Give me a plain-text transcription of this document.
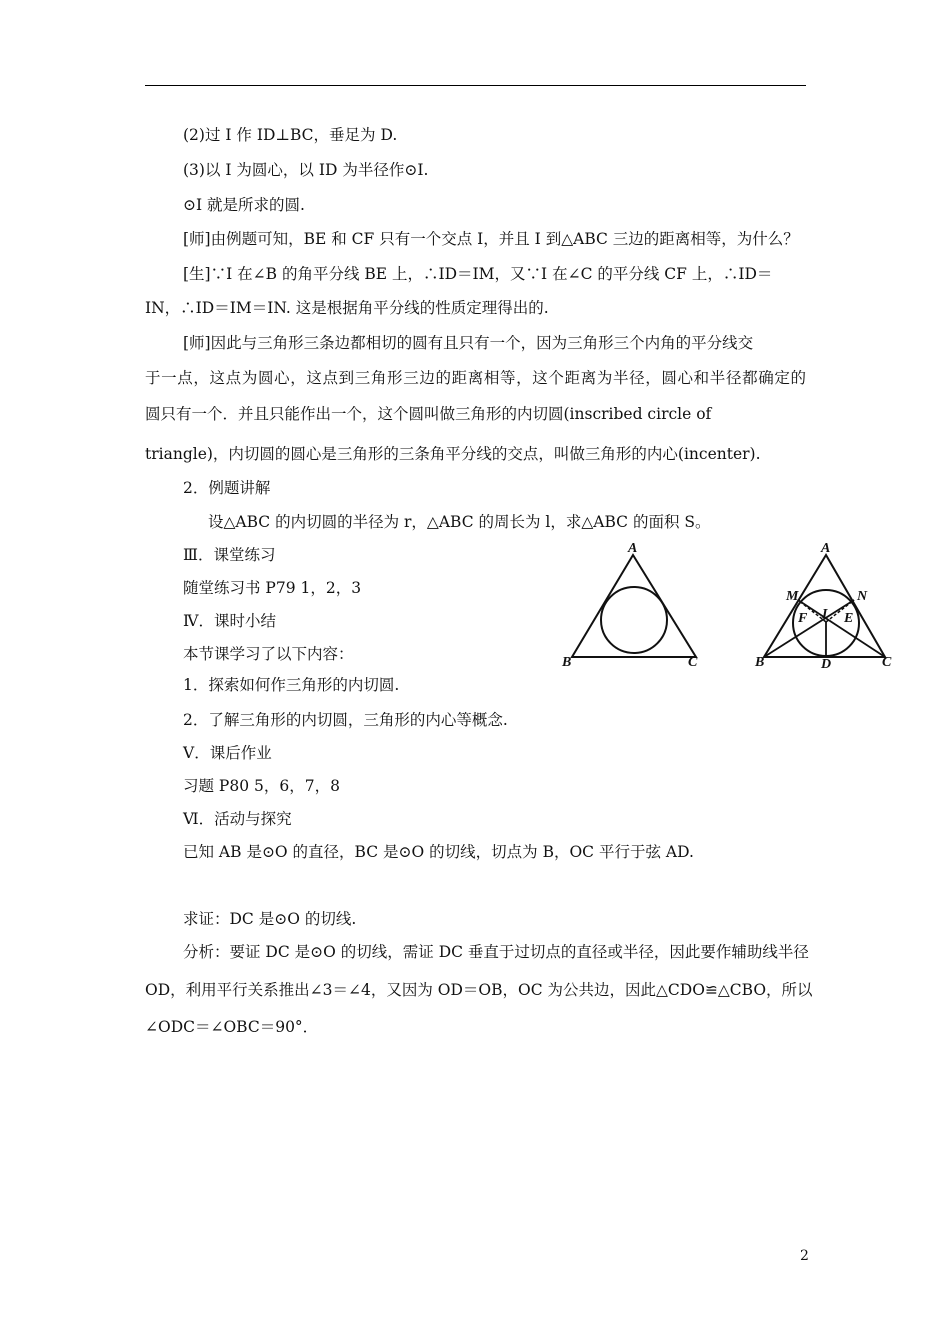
(2)过 I 作 ID⊥BC，垂足为 D.
(3)以 I 为圆心，以 ID 为半径作⊙I.
⊙I 就是所求的圆.
[师]由例题可知，BE 和 CF 只有一个交点 I，并且 I 到△ABC 三边的距离相等，为什么？
[生]∵I 在∠B 的角平分线 BE 上，∴ID＝IM，又∵I 在∠C 的平分线 CF 上，∴ID＝
IN，∴ID＝IM＝IN. 这是根据角平分线的性质定理得出的.
[师]因此与三角形三条边都相切的圆有且只有一个，因为三角形三个内角的平分线交
于一点，这点为圆心，这点到三角形三边的距离相等，这个距离为半径，圆心和半径都确定的
圆只有一个．并且只能作出一个，这个圆叫做三角形的内切圆(inscribed circle of
triangle)，内切圆的圆心是三角形的三条角平分线的交点，叫做三角形的内心(incenter).
2．例题讲解
设△ABC 的内切圆的半径为 r，△ABC 的周长为 l，求△ABC 的面积 S。
Ⅲ．课堂练习
随堂练习书 P79 1，2，3
Ⅳ．课时小结
本节课学习了以下内容：
1．探索如何作三角形的内切圆.
2．了解三角形的内切圆，三角形的内心等概念.
Ⅴ．课后作业
习题 P80 5，6，7，8
Ⅵ．活动与探究
已知 AB 是⊙O 的直径，BC 是⊙O 的切线，切点为 B，OC 平行于弦 AD.
求证：DC 是⊙O 的切线.
分析：要证 DC 是⊙O 的切线，需证 DC 垂直于过切点的直径或半径，因此要作辅助线半径
OD，利用平行关系推出∠3＝∠4，又因为 OD＝OB，OC 为公共边，因此△CDO≌△CBO，所以
∠ODC＝∠OBC＝90°．
A
B	C
A
M	N
F I E
B	D	C
2
